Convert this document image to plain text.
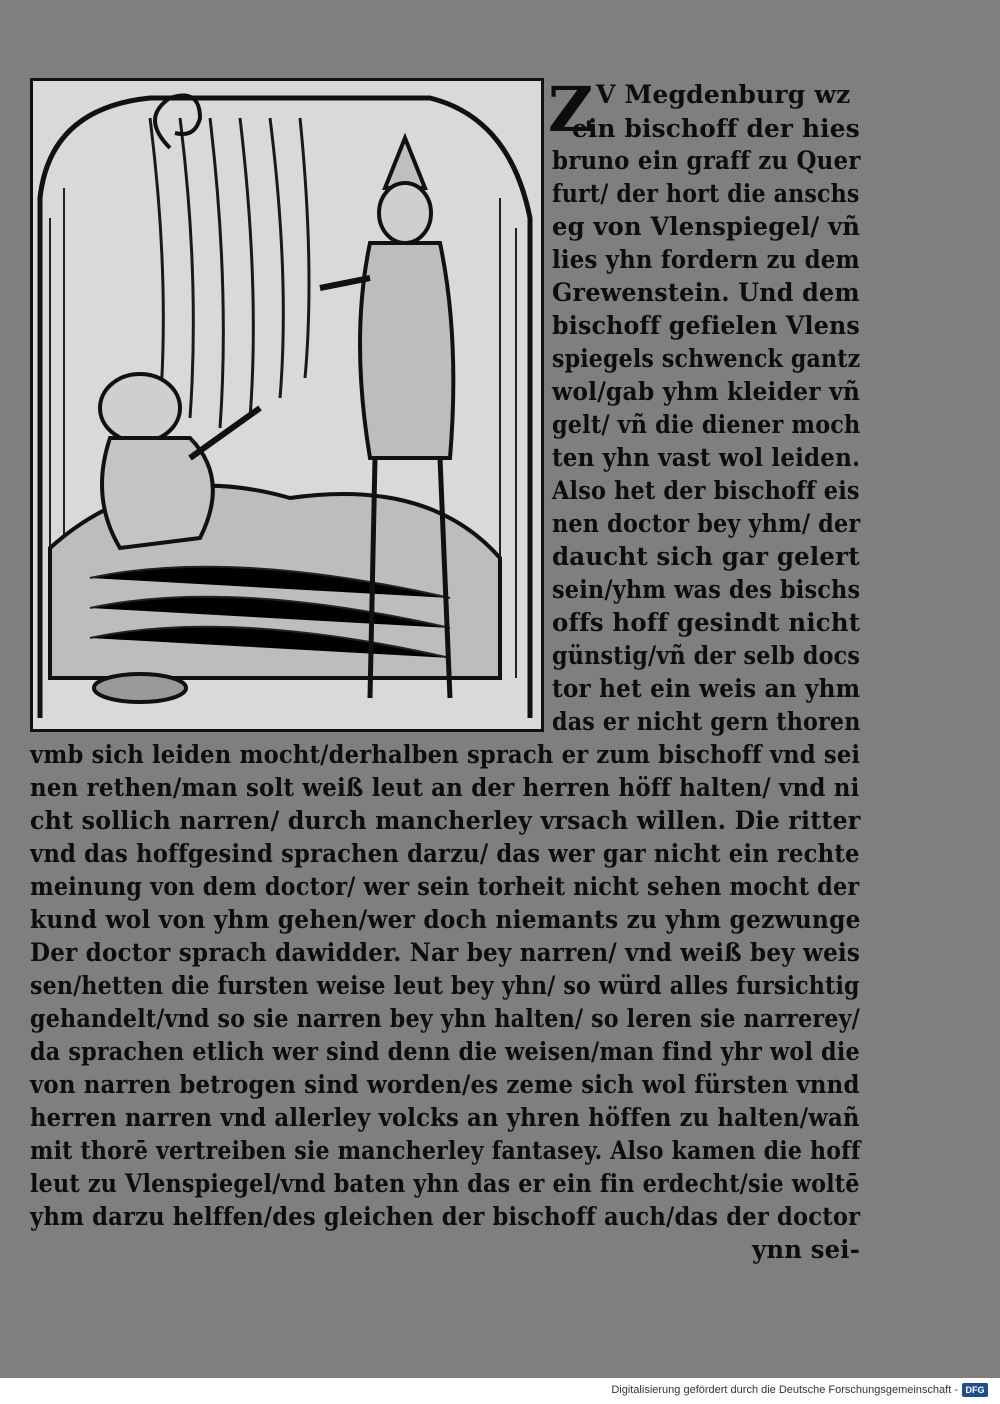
Z V Megdenburg wz
ein bischoff der hies
bruno ein graff zu Quer
furt/ der hort die anschs
eg von Vlenspiegel/ vñ
lies yhn fordern zu dem
Grewenstein. Und dem
bischoff gefielen Vlens
spiegels schwenck gantz
wol/gab yhm kleider vñ
gelt/ vñ die diener moch
ten yhn vast wol leiden.
Also het der bischoff eis
nen doctor bey yhm/ der
daucht sich gar gelert
sein/yhm was des bischs
offs hoff gesindt nicht
günstig/vñ der selb docs
tor het ein weis an yhm
das er nicht gern thoren
vmb sich leiden mocht/derhalben sprach er zum bischoff vnd sei
nen rethen/man solt weiß leut an der herren höff halten/ vnd ni
cht sollich narren/ durch mancherley vrsach willen. Die ritter
vnd das hoffgesind sprachen darzu/ das wer gar nicht ein rechte
meinung von dem doctor/ wer sein torheit nicht sehen mocht der
kund wol von yhm gehen/wer doch niemants zu yhm gezwunge
Der doctor sprach dawidder. Nar bey narren/ vnd weiß bey weis
sen/hetten die fursten weise leut bey yhn/ so würd alles fursichtig
gehandelt/vnd so sie narren bey yhn halten/ so leren sie narrerey/
da sprachen etlich wer sind denn die weisen/man find yhr wol die
von narren betrogen sind worden/es zeme sich wol fürsten vnnd
herren narren vnd allerley volcks an yhren höffen zu halten/wañ
mit thorē vertreiben sie mancherley fantasey. Also kamen die hoff
leut zu Vlenspiegel/vnd baten yhn das er ein fin erdecht/sie woltē
yhm darzu helffen/des gleichen der bischoff auch/das der doctor
ynn sei-
Digitalisierung gefördert durch die Deutsche Forschungsgemeinschaft - DFG
